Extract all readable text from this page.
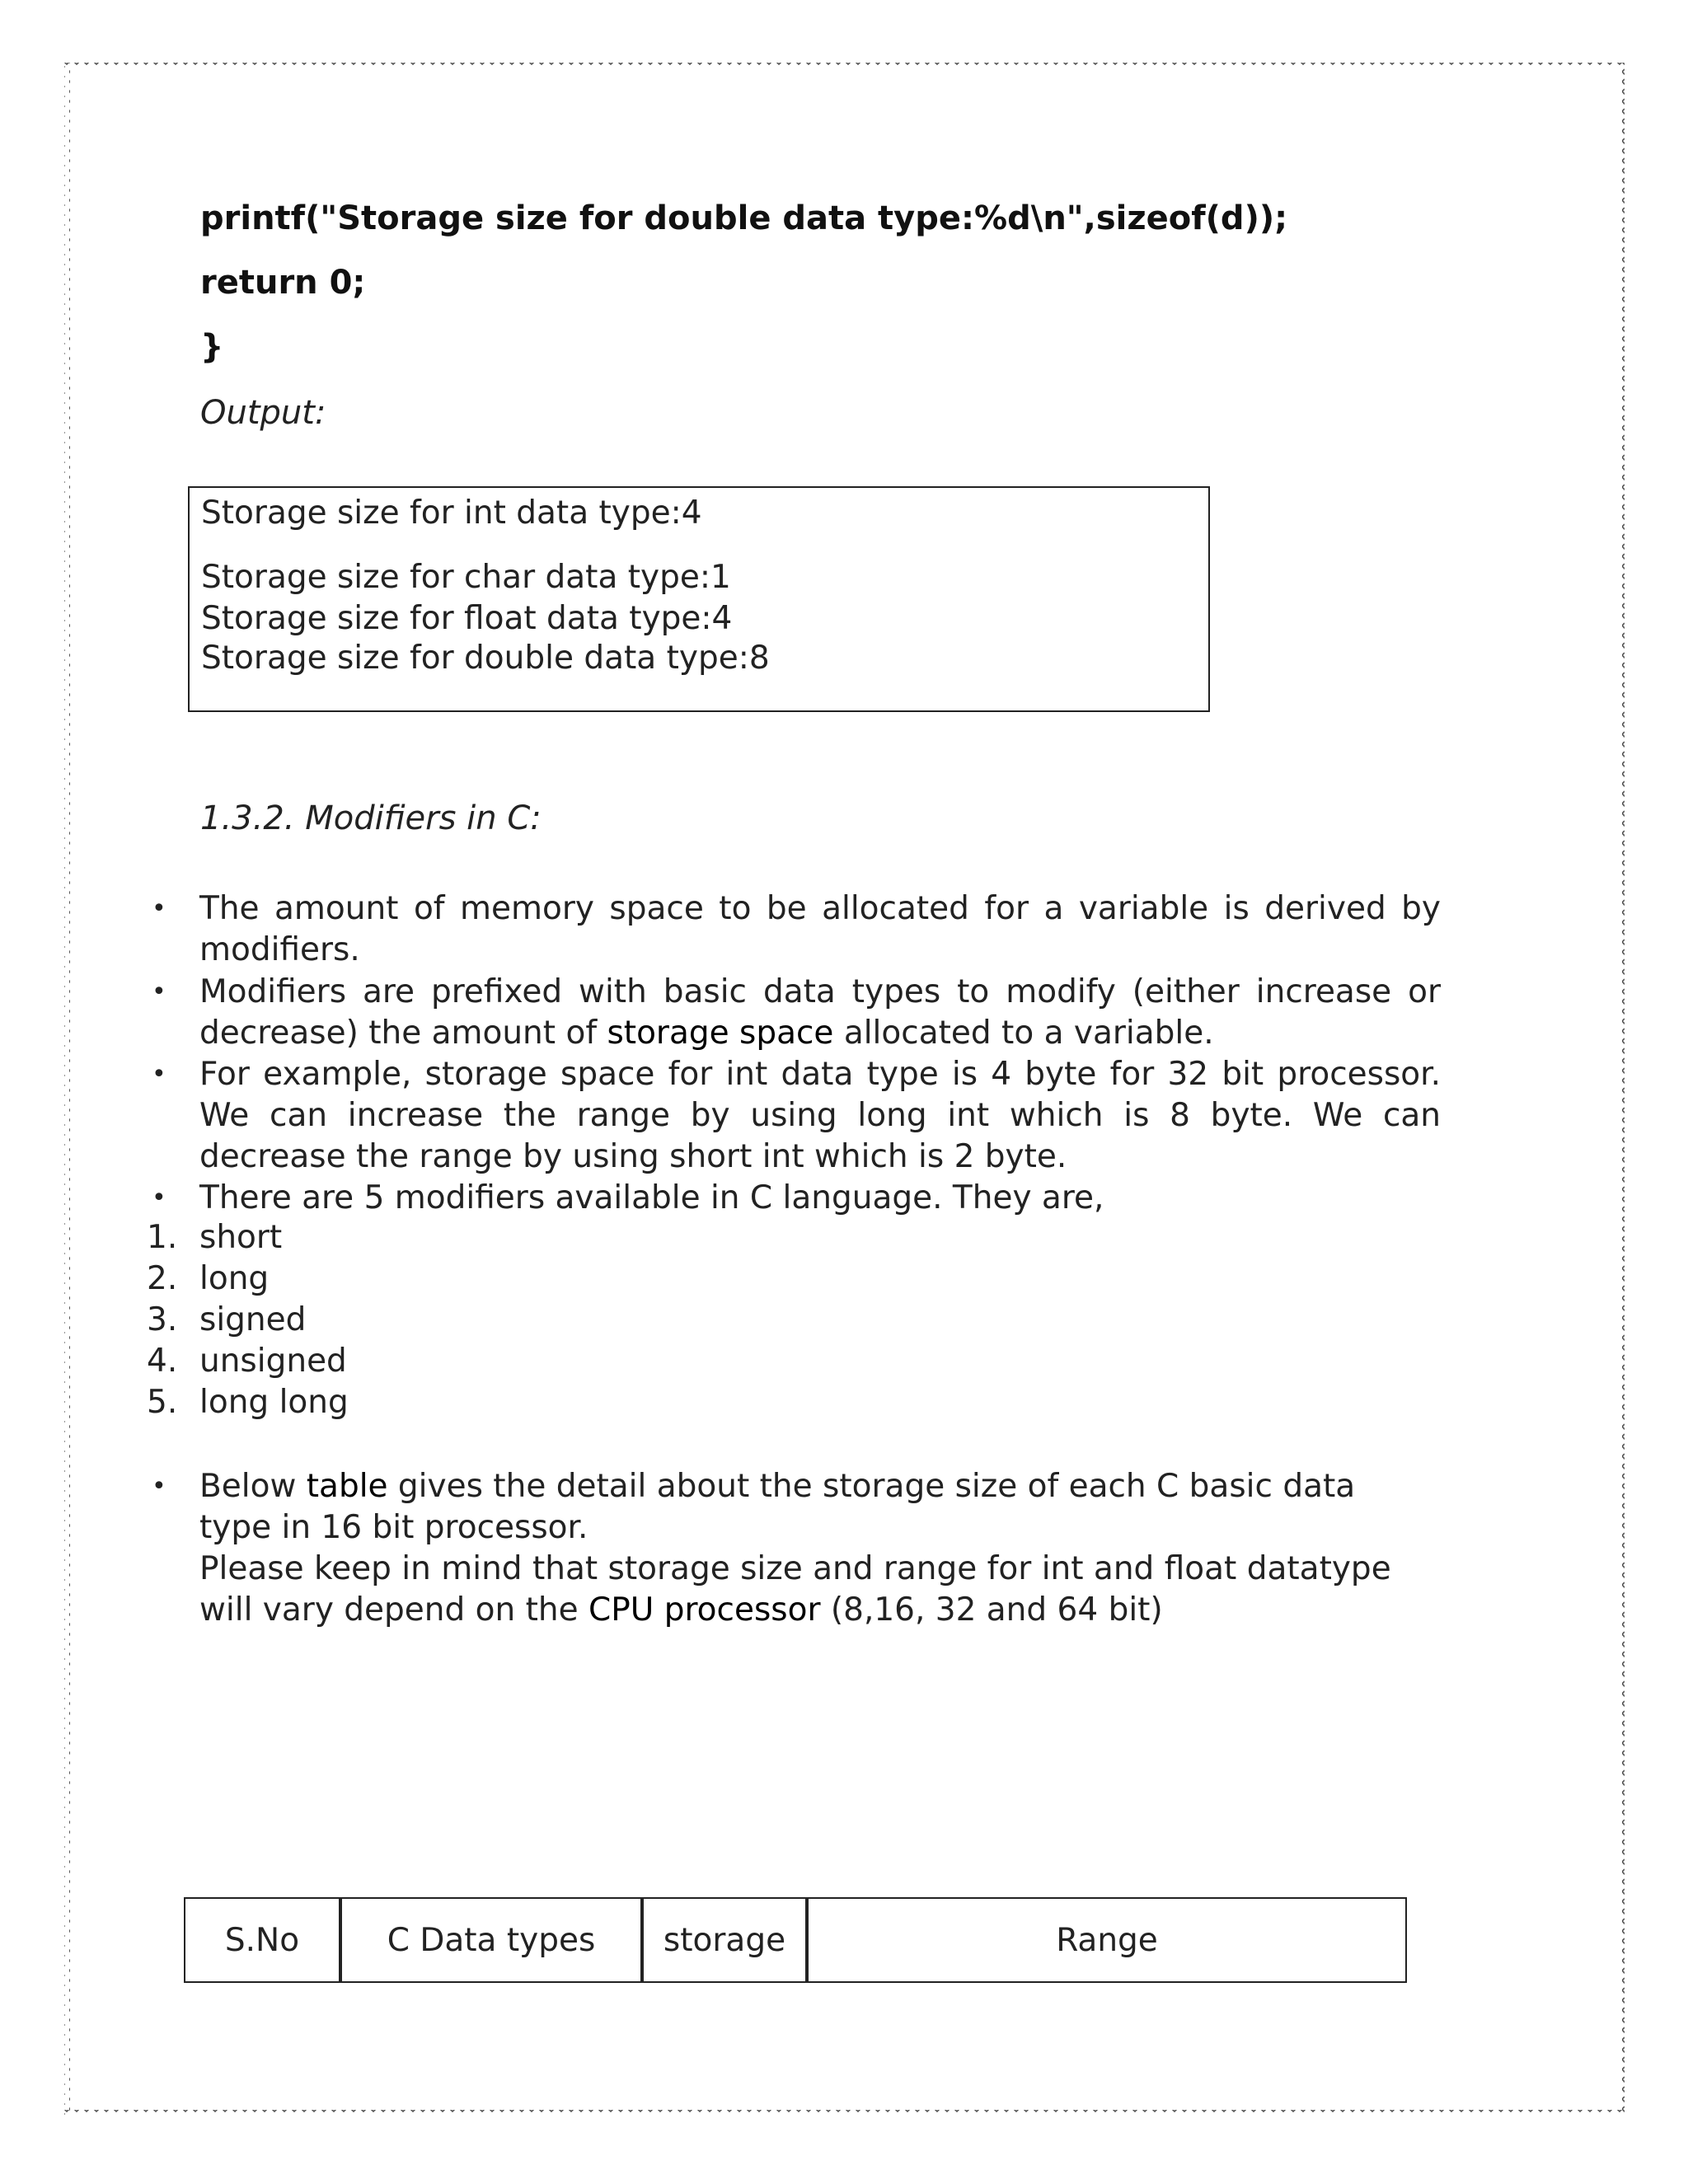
printf("Storage size for double data type:%d\n",sizeof(d));
return 0;
}
Output:
Storage size for int data type:4
Storage size for char data type:1
Storage size for float data type:4
Storage size for double data type:8
1.3.2. Modifiers in C:
• The amount of memory space to be allocated for a variable is derived by modifiers.
• Modifiers are prefixed with basic data types to modify (either increase or decrease) the amount of storage space allocated to a variable.
• For example, storage space for int data type is 4 byte for 32 bit processor. We can increase the range by using long int which is 8 byte. We can decrease the range by using short int which is 2 byte.
• There are 5 modifiers available in C language. They are,
1. short
2. long
3. signed
4. unsigned
5. long long
• Below table gives the detail about the storage size of each C basic data type in 16 bit processor.
Please keep in mind that storage size and range for int and float datatype will vary depend on the CPU processor (8,16, 32 and 64 bit)
S.No	C Data types storage	Range
